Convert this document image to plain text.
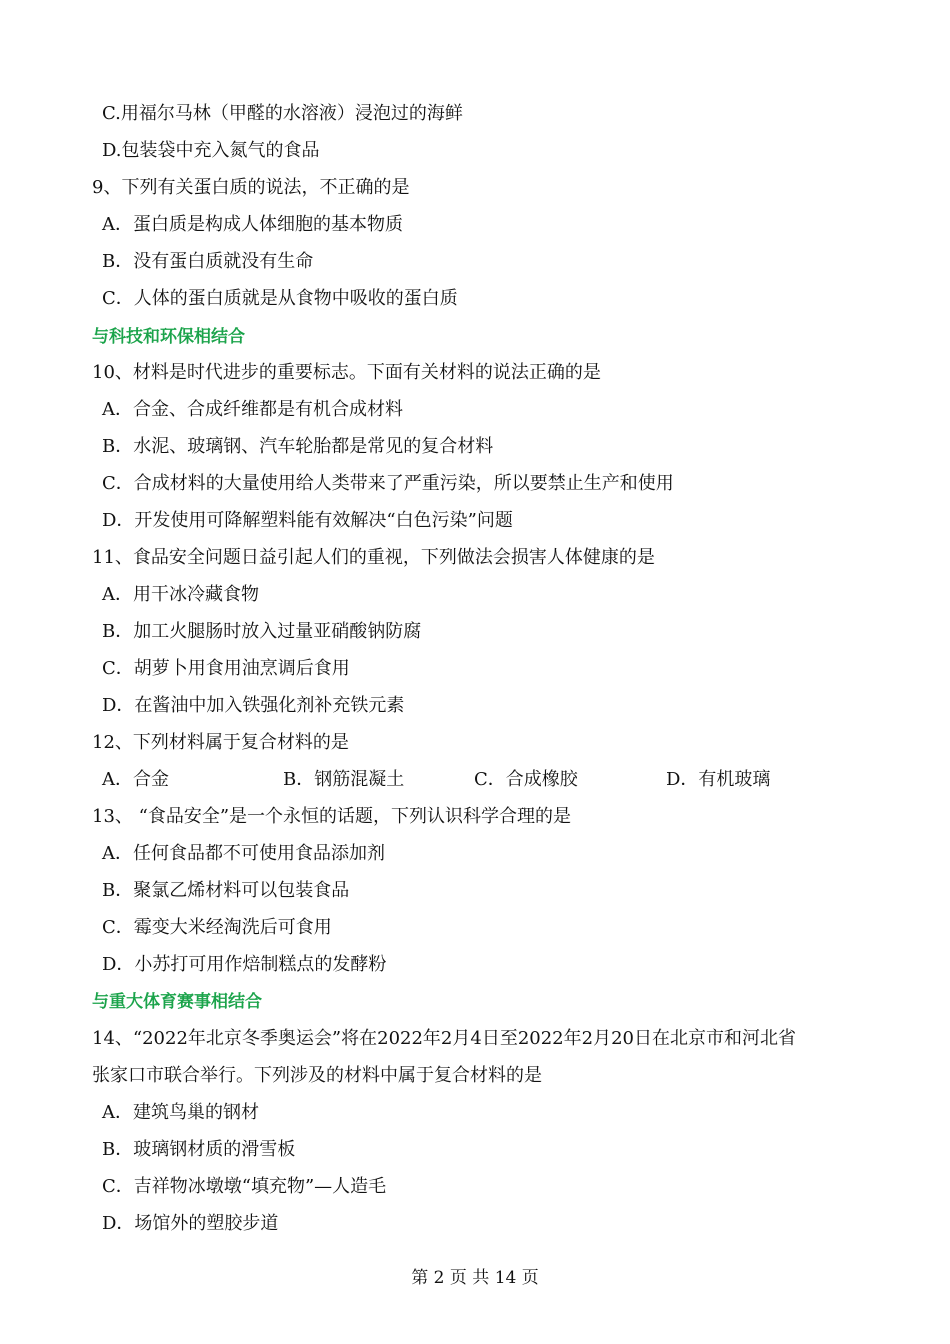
C.用福尔马林（甲醛的水溶液）浸泡过的海鲜
D.包装袋中充入氮气的食品
9、下列有关蛋白质的说法，不正确的是
A．蛋白质是构成人体细胞的基本物质
B．没有蛋白质就没有生命
C．人体的蛋白质就是从食物中吸收的蛋白质
与科技和环保相结合
10、材料是时代进步的重要标志。下面有关材料的说法正确的是
A．合金、合成纤维都是有机合成材料
B．水泥、玻璃钢、汽车轮胎都是常见的复合材料
C．合成材料的大量使用给人类带来了严重污染，所以要禁止生产和使用
D．开发使用可降解塑料能有效解决“白色污染”问题
11、食品安全问题日益引起人们的重视，下列做法会损害人体健康的是
A．用干冰冷藏食物
B．加工火腿肠时放入过量亚硝酸钠防腐
C．胡萝卜用食用油烹调后食用
D．在酱油中加入铁强化剂补充铁元素
12、下列材料属于复合材料的是
A．合金	B．钢筋混凝土	C．合成橡胶	D．有机玻璃
13、 “食品安全”是一个永恒的话题，下列认识科学合理的是
A．任何食品都不可使用食品添加剂
B．聚氯乙烯材料可以包装食品
C．霉变大米经淘洗后可食用
D．小苏打可用作焙制糕点的发酵粉
与重大体育赛事相结合
14、“2022年北京冬季奥运会”将在2022年2月4日至2022年2月20日在北京市和河北省
张家口市联合举行。下列涉及的材料中属于复合材料的是
A．建筑鸟巢的钢材
B．玻璃钢材质的滑雪板
C．吉祥物冰墩墩“填充物”—人造毛
D．场馆外的塑胶步道
第 2 页 共 14 页
